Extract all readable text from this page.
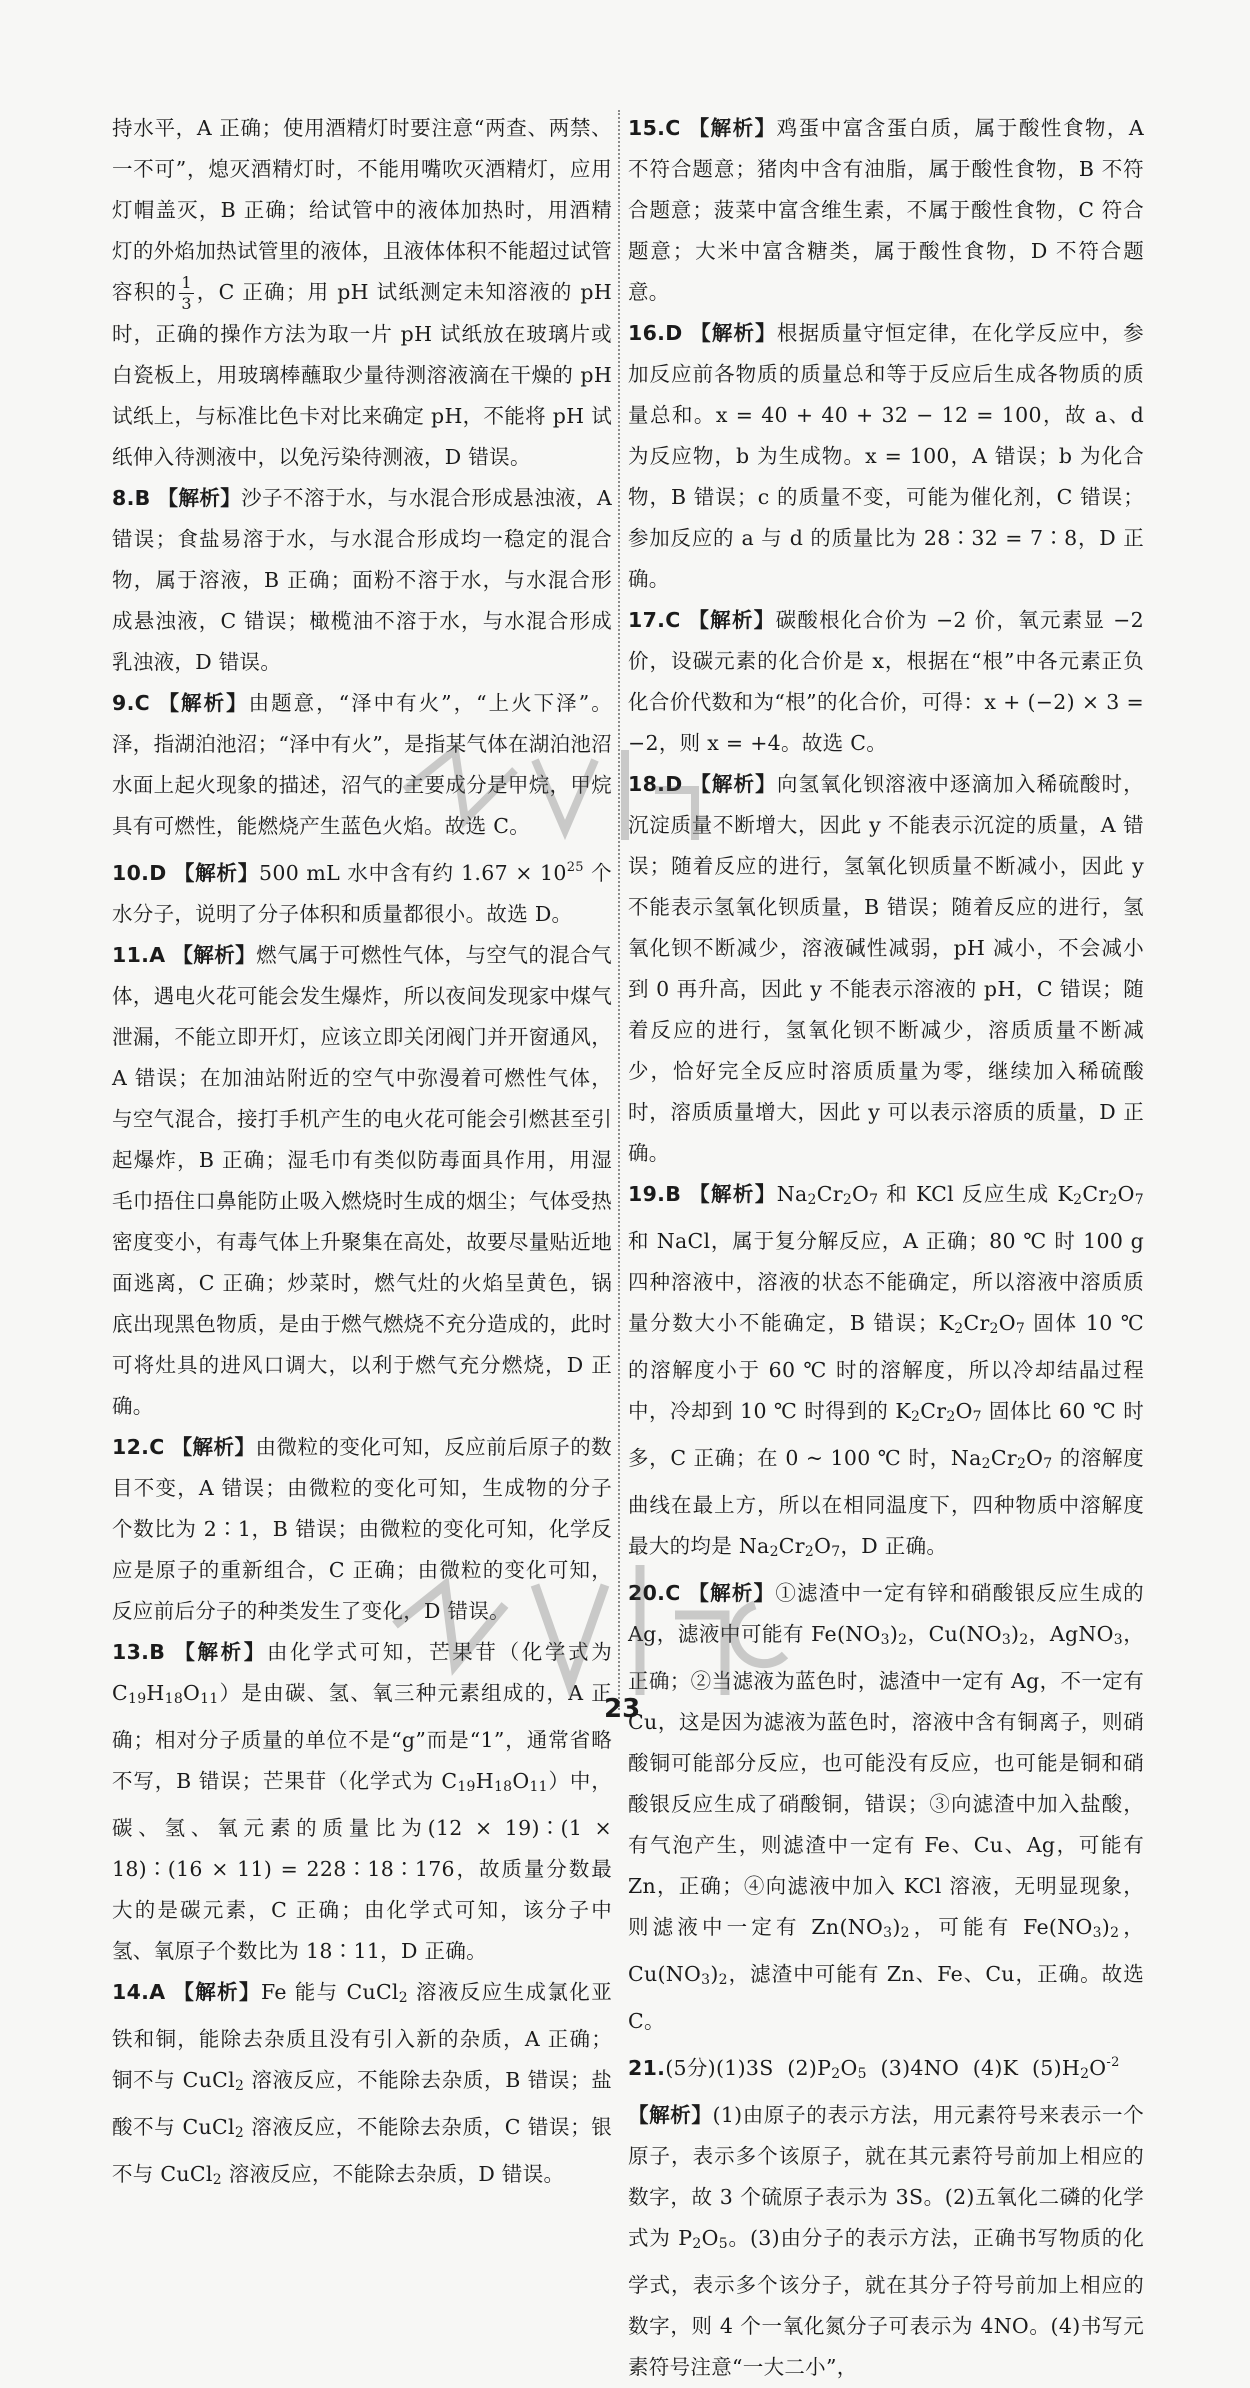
持水平，A 正确；使用酒精灯时要注意“两查、两禁、一不可”，熄灭酒精灯时，不能用嘴吹灭酒精灯，应用灯帽盖灭，B 正确；给试管中的液体加热时，用酒精灯的外焰加热试管里的液体，且液体体积不能超过试管容积的 $\frac{1}{3}$ ，C 正确；用 pH 试纸测定未知溶液的 pH 时，正确的操作方法为取一片 pH 试纸放在玻璃片或白瓷板上，用玻璃棒蘸取少量待测溶液滴在干燥的 pH 试纸上，与标准比色卡对比来确定 pH，不能将 pH 试纸伸入待测液中，以免污染待测液，D 错误。

8.B 【解析】沙子不溶于水，与水混合形成悬浊液，A 错误；食盐易溶于水，与水混合形成均一稳定的混合物，属于溶液，B 正确；面粉不溶于水，与水混合形成悬浊液，C 错误；橄榄油不溶于水，与水混合形成乳浊液，D 错误。

9.C 【解析】由题意，“泽中有火”，“上火下泽”。泽，指湖泊池沼；“泽中有火”，是指某气体在湖泊池沼水面上起火现象的描述，沼气的主要成分是甲烷，甲烷具有可燃性，能燃烧产生蓝色火焰。故选 C。

10.D 【解析】500 mL 水中含有约 $1.67 \times 10^{25}$ 个水分子，说明了分子体积和质量都很小。故选 D。

11.A 【解析】燃气属于可燃性气体，与空气的混合气体，遇电火花可能会发生爆炸，所以夜间发现家中煤气泄漏，不能立即开灯，应该立即关闭阀门并开窗通风，A 错误；在加油站附近的空气中弥漫着可燃性气体，与空气混合，接打手机产生的电火花可能会引燃甚至引起爆炸，B 正确；湿毛巾有类似防毒面具作用，用湿毛巾捂住口鼻能防止吸入燃烧时生成的烟尘；气体受热密度变小，有毒气体上升聚集在高处，故要尽量贴近地面逃离，C 正确；炒菜时，燃气灶的火焰呈黄色，锅底出现黑色物质，是由于燃气燃烧不充分造成的，此时可将灶具的进风口调大，以利于燃气充分燃烧，D 正确。

12.C 【解析】由微粒的变化可知，反应前后原子的数目不变，A 错误；由微粒的变化可知，生成物的分子个数比为 2∶1，B 错误；由微粒的变化可知，化学反应是原子的重新组合，C 正确；由微粒的变化可知，反应前后分子的种类发生了变化，D 错误。

13.B 【解析】由化学式可知，芒果苷（化学式为 $C_{19}H_{18}O_{11}$）是由碳、氢、氧三种元素组成的，A 正确；相对分子质量的单位不是“g”而是“1”，通常省略不写，B 错误；芒果苷（化学式为 $C_{19}H_{18}O_{11}$）中，碳、氢、氧元素的质量比为(12 × 19)∶(1 × 18)∶(16 × 11) = 228∶18∶176，故质量分数最大的是碳元素，C 正确；由化学式可知，该分子中氢、氧原子个数比为 18∶11，D 正确。

14.A 【解析】Fe 能与 CuCl$_2$ 溶液反应生成氯化亚铁和铜，能除去杂质且没有引入新的杂质，A 正确；铜不与 CuCl$_2$ 溶液反应，不能除去杂质，B 错误；盐酸不与 CuCl$_2$ 溶液反应，不能除去杂质，C 错误；银不与 CuCl$_2$ 溶液反应，不能除去杂质，D 错误。

15.C 【解析】鸡蛋中富含蛋白质，属于酸性食物，A 不符合题意；猪肉中含有油脂，属于酸性食物，B 不符合题意；菠菜中富含维生素，不属于酸性食物，C 符合题意；大米中富含糖类，属于酸性食物，D 不符合题意。

16.D 【解析】根据质量守恒定律，在化学反应中，参加反应前各物质的质量总和等于反应后生成各物质的质量总和。x = 40 + 40 + 32 − 12 = 100，故 a、d 为反应物，b 为生成物。x = 100，A 错误；b 为化合物，B 错误；c 的质量不变，可能为催化剂，C 错误；参加反应的 a 与 d 的质量比为 28∶32 = 7∶8，D 正确。

17.C 【解析】碳酸根化合价为 −2 价，氧元素显 −2 价，设碳元素的化合价是 x，根据在“根”中各元素正负化合价代数和为“根”的化合价，可得：x + (−2) × 3 = −2，则 x = +4。故选 C。

18.D 【解析】向氢氧化钡溶液中逐滴加入稀硫酸时，沉淀质量不断增大，因此 y 不能表示沉淀的质量，A 错误；随着反应的进行，氢氧化钡质量不断减小，因此 y 不能表示氢氧化钡质量，B 错误；随着反应的进行，氢氧化钡不断减少，溶液碱性减弱，pH 减小，不会减小到 0 再升高，因此 y 不能表示溶液的 pH，C 错误；随着反应的进行，氢氧化钡不断减少，溶质质量不断减少，恰好完全反应时溶质质量为零，继续加入稀硫酸时，溶质质量增大，因此 y 可以表示溶质的质量，D 正确。

19.B 【解析】$Na_2Cr_2O_7$ 和 KCl 反应生成 $K_2Cr_2O_7$ 和 NaCl，属于复分解反应，A 正确；80 ℃ 时 100 g 四种溶液中，溶液的状态不能确定，所以溶液中溶质质量分数大小不能确定，B 错误；$K_2Cr_2O_7$ 固体 10 ℃ 的溶解度小于 60 ℃ 时的溶解度，所以冷却结晶过程中，冷却到 10 ℃ 时得到的 $K_2Cr_2O_7$ 固体比 60 ℃ 时多，C 正确；在 0 ~ 100 ℃ 时，$Na_2Cr_2O_7$ 的溶解度曲线在最上方，所以在相同温度下，四种物质中溶解度最大的均是 $Na_2Cr_2O_7$，D 正确。

20.C 【解析】①滤渣中一定有锌和硝酸银反应生成的 Ag，滤液中可能有 $Fe(NO_3)_2$，$Cu(NO_3)_2$，AgNO$_3$，正确；②当滤液为蓝色时，滤渣中一定有 Ag，不一定有 Cu，这是因为滤液为蓝色时，溶液中含有铜离子，则硝酸铜可能部分反应，也可能没有反应，也可能是铜和硝酸银反应生成了硝酸铜，错误；③向滤渣中加入盐酸，有气泡产生，则滤渣中一定有 Fe、Cu、Ag，可能有 Zn，正确；④向滤液中加入 KCl 溶液，无明显现象，则滤液中一定有 $Zn(NO_3)_2$，可能有 $Fe(NO_3)_2$，$Cu(NO_3)_2$，滤渣中可能有 Zn、Fe、Cu，正确。故选 C。

21.(5分)(1)3S $(2)P_2O_5$ (3)4NO (4)K $(5)H_2O^{-2}$
【解析】(1)由原子的表示方法，用元素符号来表示一个原子，表示多个该原子，就在其元素符号前加上相应的数字，故 3 个硫原子表示为 3S。(2)五氧化二磷的化学式为 $P_2O_5$。(3)由分子的表示方法，正确书写物质的化学式，表示多个该分子，就在其分子符号前加上相应的数字，则 4 个一氧化氮分子可表示为 4NO。(4)书写元素符号注意“一大二小”，

23
